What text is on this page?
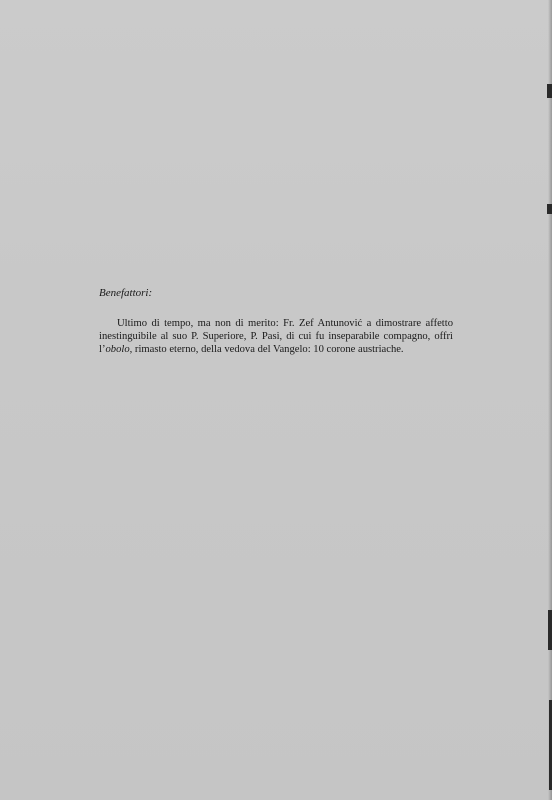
Benefattori:

Ultimo di tempo, ma non di merito: Fr. Zef Antunović a dimostrare affetto inestinguibile al suo P. Superiore, P. Pasi, di cui fu inseparabile compagno, offrì l’obolo, rimasto eterno, della vedova del Vangelo: 10 corone austriache.
